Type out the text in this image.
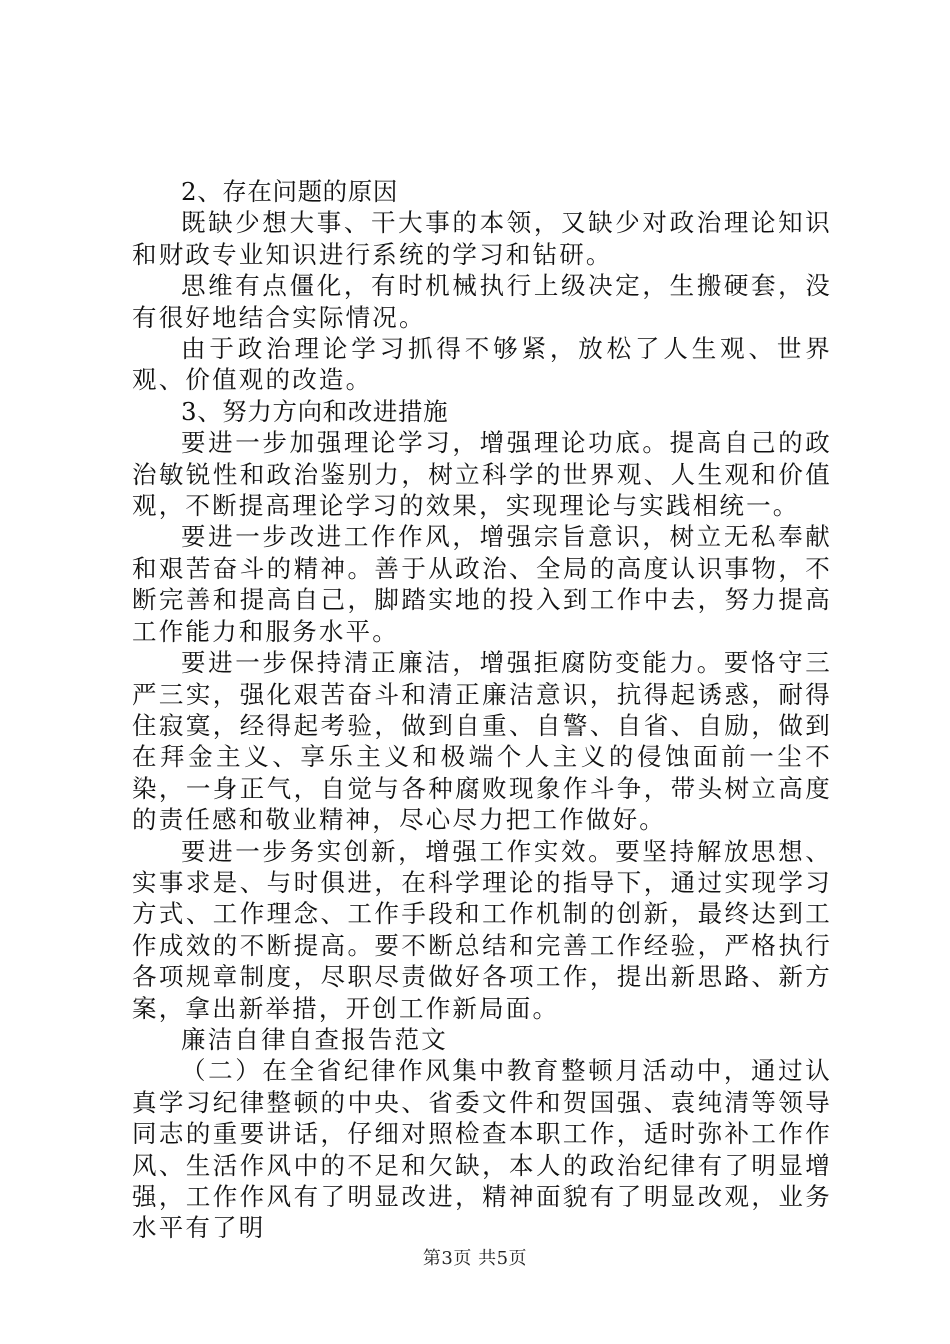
2、存在问题的原因

既缺少想大事、干大事的本领，又缺少对政治理论知识和财政专业知识进行系统的学习和钻研。

思维有点僵化，有时机械执行上级决定，生搬硬套，没有很好地结合实际情况。

由于政治理论学习抓得不够紧，放松了人生观、世界观、价值观的改造。

3、努力方向和改进措施

要进一步加强理论学习，增强理论功底。提高自己的政治敏锐性和政治鉴别力，树立科学的世界观、人生观和价值观，不断提高理论学习的效果，实现理论与实践相统一。

要进一步改进工作作风，增强宗旨意识，树立无私奉献和艰苦奋斗的精神。善于从政治、全局的高度认识事物，不断完善和提高自己，脚踏实地的投入到工作中去，努力提高工作能力和服务水平。

要进一步保持清正廉洁，增强拒腐防变能力。要恪守三严三实，强化艰苦奋斗和清正廉洁意识，抗得起诱惑，耐得住寂寞，经得起考验，做到自重、自警、自省、自励，做到在拜金主义、享乐主义和极端个人主义的侵蚀面前一尘不染，一身正气，自觉与各种腐败现象作斗争，带头树立高度的责任感和敬业精神，尽心尽力把工作做好。

要进一步务实创新，增强工作实效。要坚持解放思想、实事求是、与时俱进，在科学理论的指导下，通过实现学习方式、工作理念、工作手段和工作机制的创新，最终达到工作成效的不断提高。要不断总结和完善工作经验，严格执行各项规章制度，尽职尽责做好各项工作，提出新思路、新方案，拿出新举措，开创工作新局面。

廉洁自律自查报告范文

（二）在全省纪律作风集中教育整顿月活动中，通过认真学习纪律整顿的中央、省委文件和贺国强、袁纯清等领导同志的重要讲话，仔细对照检查本职工作，适时弥补工作作风、生活作风中的不足和欠缺，本人的政治纪律有了明显增强，工作作风有了明显改进，精神面貌有了明显改观，业务水平有了明

第3页 共5页
